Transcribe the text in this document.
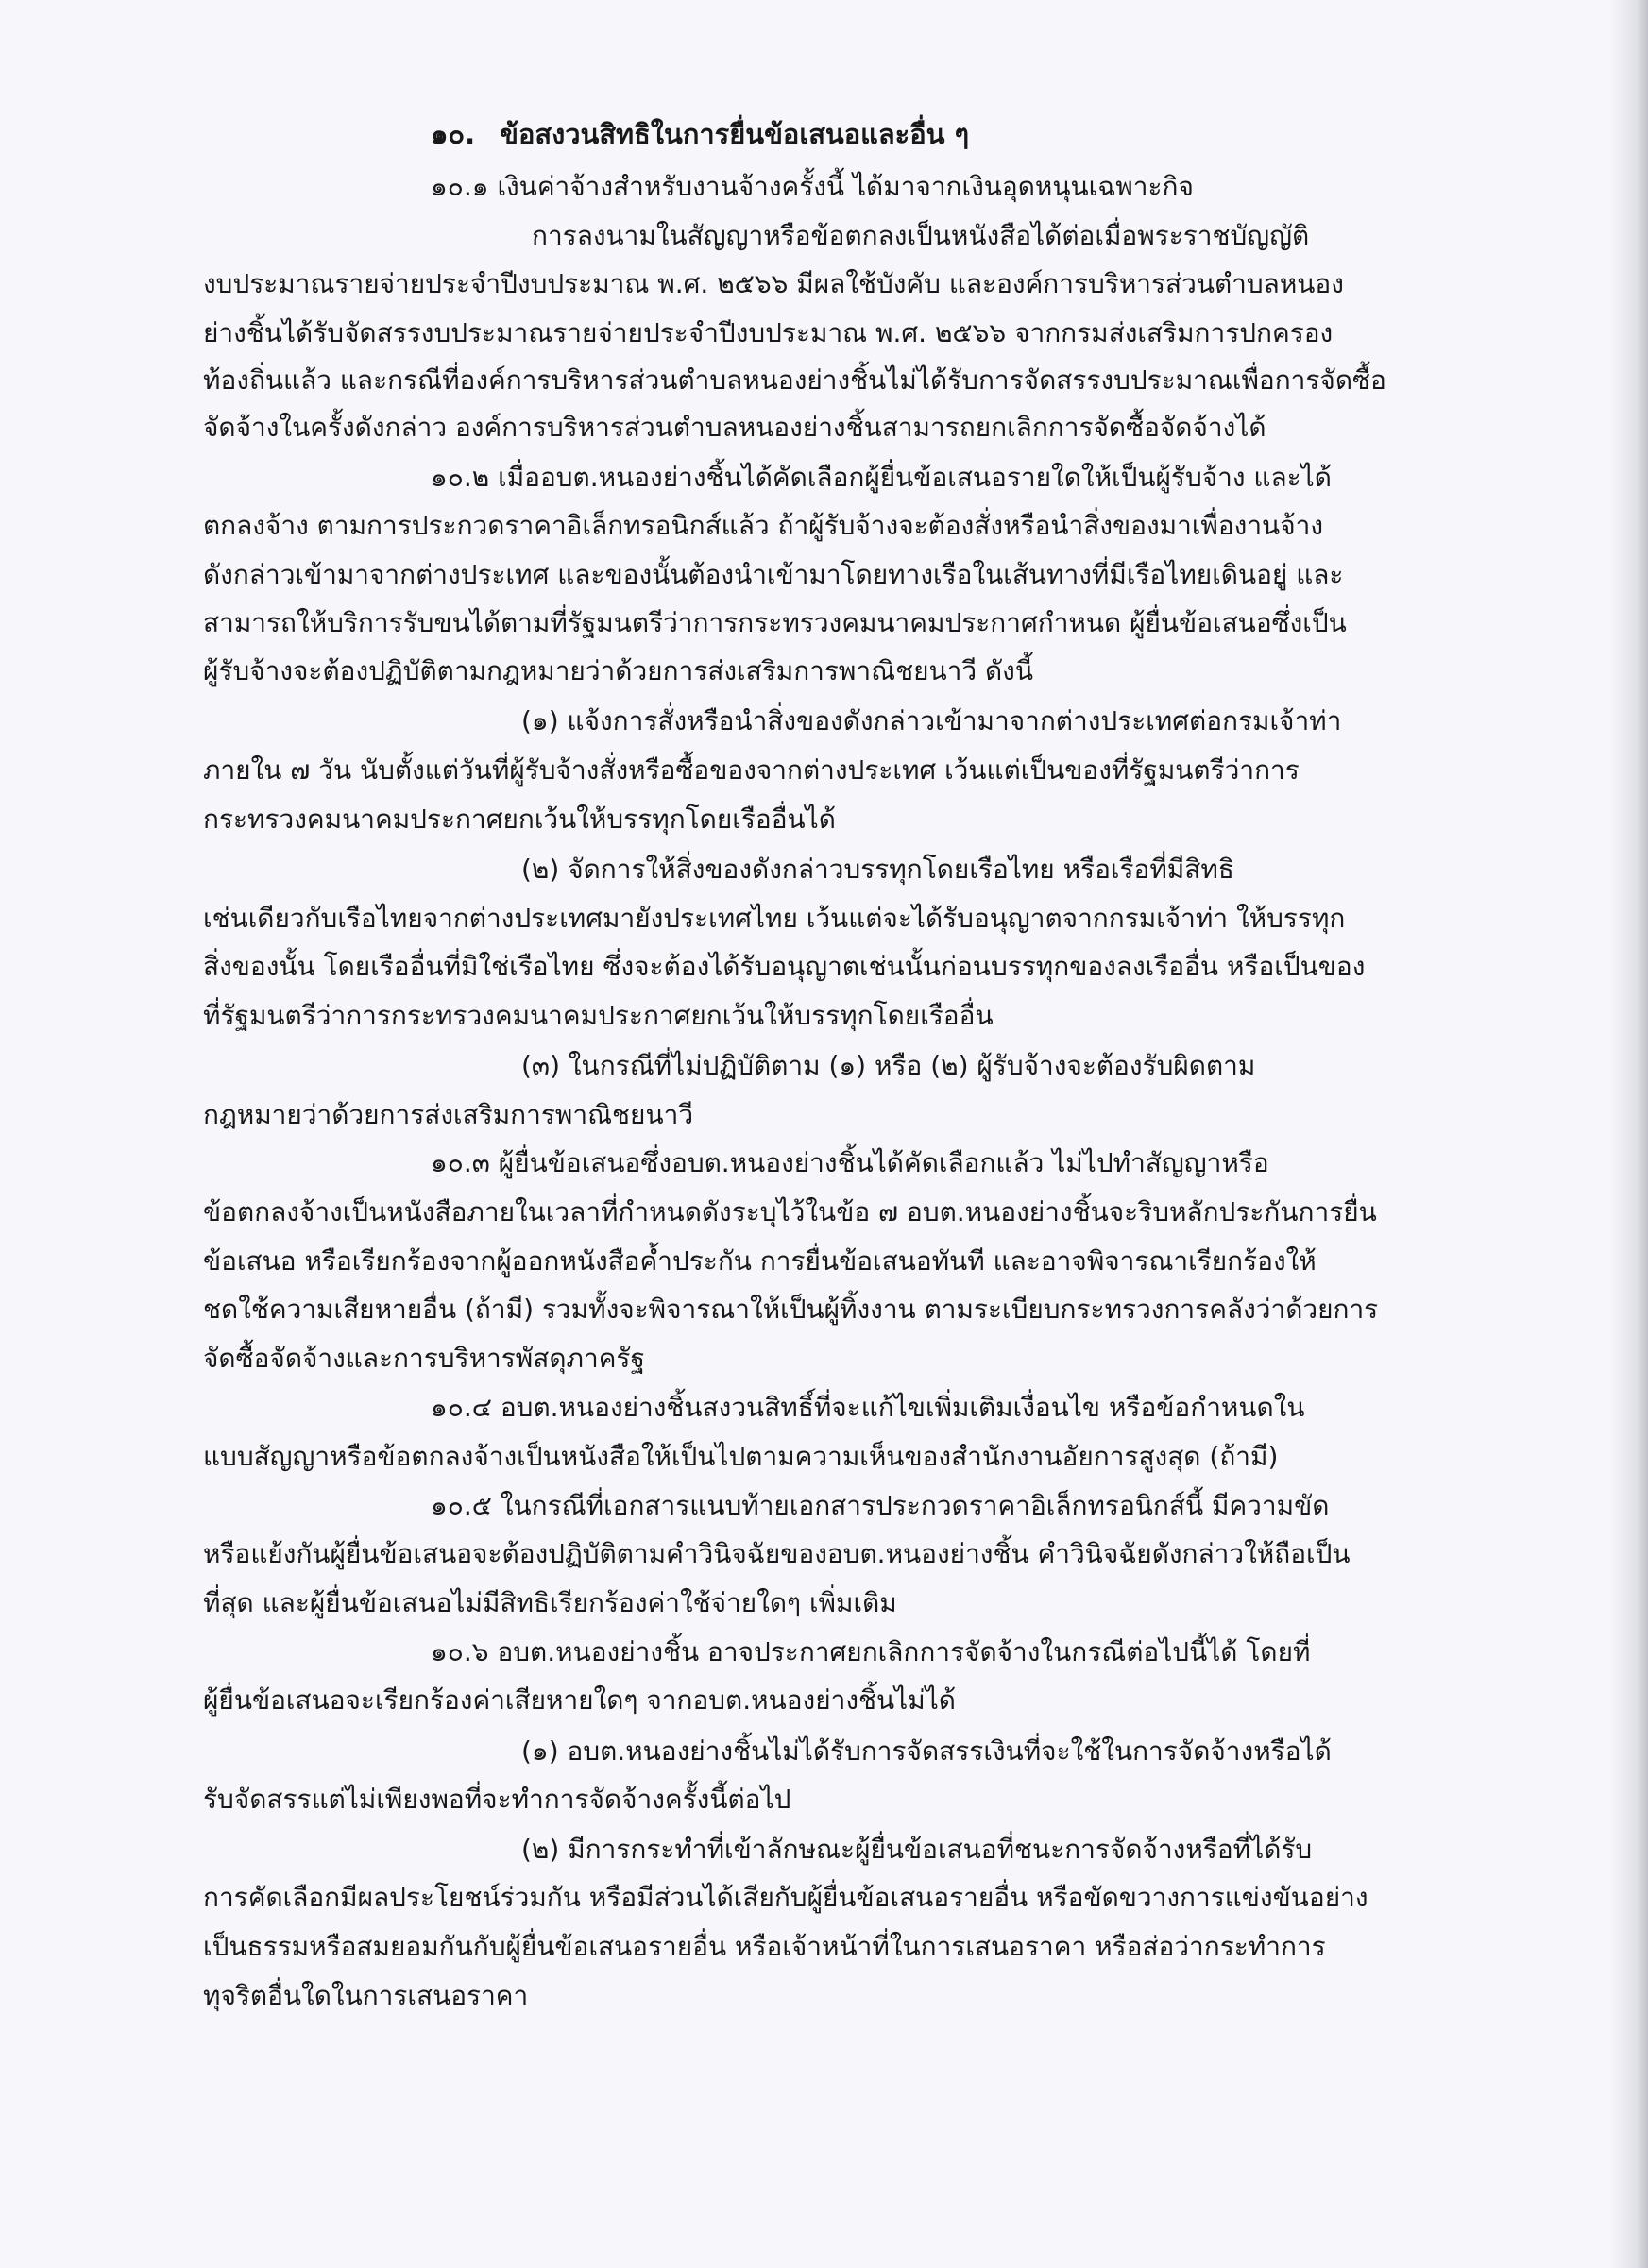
๑๐. ข้อสงวนสิทธิในการยื่นข้อเสนอและอื่น ๆ
๑๐.๑ เงินค่าจ้างสำหรับงานจ้างครั้งนี้ ได้มาจากเงินอุดหนุนเฉพาะกิจ
การลงนามในสัญญาหรือข้อตกลงเป็นหนังสือได้ต่อเมื่อพระราชบัญญัติ
งบประมาณรายจ่ายประจำปีงบประมาณ พ.ศ. ๒๕๖๖ มีผลใช้บังคับ และองค์การบริหารส่วนตำบลหนอง
ย่างชิ้นได้รับจัดสรรงบประมาณรายจ่ายประจำปีงบประมาณ พ.ศ. ๒๕๖๖ จากกรมส่งเสริมการปกครอง
ท้องถิ่นแล้ว และกรณีที่องค์การบริหารส่วนตำบลหนองย่างชิ้นไม่ได้รับการจัดสรรงบประมาณเพื่อการจัดซื้อ
จัดจ้างในครั้งดังกล่าว องค์การบริหารส่วนตำบลหนองย่างชิ้นสามารถยกเลิกการจัดซื้อจัดจ้างได้
๑๐.๒ เมื่ออบต.หนองย่างชิ้นได้คัดเลือกผู้ยื่นข้อเสนอรายใดให้เป็นผู้รับจ้าง และได้
ตกลงจ้าง ตามการประกวดราคาอิเล็กทรอนิกส์แล้ว ถ้าผู้รับจ้างจะต้องสั่งหรือนำสิ่งของมาเพื่องานจ้าง
ดังกล่าวเข้ามาจากต่างประเทศ และของนั้นต้องนำเข้ามาโดยทางเรือในเส้นทางที่มีเรือไทยเดินอยู่ และ
สามารถให้บริการรับขนได้ตามที่รัฐมนตรีว่าการกระทรวงคมนาคมประกาศกำหนด ผู้ยื่นข้อเสนอซึ่งเป็น
ผู้รับจ้างจะต้องปฏิบัติตามกฎหมายว่าด้วยการส่งเสริมการพาณิชยนาวี ดังนี้
(๑) แจ้งการสั่งหรือนำสิ่งของดังกล่าวเข้ามาจากต่างประเทศต่อกรมเจ้าท่า
ภายใน ๗ วัน นับตั้งแต่วันที่ผู้รับจ้างสั่งหรือซื้อของจากต่างประเทศ เว้นแต่เป็นของที่รัฐมนตรีว่าการ
กระทรวงคมนาคมประกาศยกเว้นให้บรรทุกโดยเรืออื่นได้
(๒) จัดการให้สิ่งของดังกล่าวบรรทุกโดยเรือไทย หรือเรือที่มีสิทธิ
เช่นเดียวกับเรือไทยจากต่างประเทศมายังประเทศไทย เว้นแต่จะได้รับอนุญาตจากกรมเจ้าท่า ให้บรรทุก
สิ่งของนั้น โดยเรืออื่นที่มิใช่เรือไทย ซึ่งจะต้องได้รับอนุญาตเช่นนั้นก่อนบรรทุกของลงเรืออื่น หรือเป็นของ
ที่รัฐมนตรีว่าการกระทรวงคมนาคมประกาศยกเว้นให้บรรทุกโดยเรืออื่น
(๓) ในกรณีที่ไม่ปฏิบัติตาม (๑) หรือ (๒) ผู้รับจ้างจะต้องรับผิดตาม
กฎหมายว่าด้วยการส่งเสริมการพาณิชยนาวี
๑๐.๓ ผู้ยื่นข้อเสนอซึ่งอบต.หนองย่างชิ้นได้คัดเลือกแล้ว ไม่ไปทำสัญญาหรือ
ข้อตกลงจ้างเป็นหนังสือภายในเวลาที่กำหนดดังระบุไว้ในข้อ ๗ อบต.หนองย่างชิ้นจะริบหลักประกันการยื่น
ข้อเสนอ หรือเรียกร้องจากผู้ออกหนังสือค้ำประกัน การยื่นข้อเสนอทันที และอาจพิจารณาเรียกร้องให้
ชดใช้ความเสียหายอื่น (ถ้ามี) รวมทั้งจะพิจารณาให้เป็นผู้ทิ้งงาน ตามระเบียบกระทรวงการคลังว่าด้วยการ
จัดซื้อจัดจ้างและการบริหารพัสดุภาครัฐ
๑๐.๔ อบต.หนองย่างชิ้นสงวนสิทธิ์ที่จะแก้ไขเพิ่มเติมเงื่อนไข หรือข้อกำหนดใน
แบบสัญญาหรือข้อตกลงจ้างเป็นหนังสือให้เป็นไปตามความเห็นของสำนักงานอัยการสูงสุด (ถ้ามี)
๑๐.๕ ในกรณีที่เอกสารแนบท้ายเอกสารประกวดราคาอิเล็กทรอนิกส์นี้ มีความขัด
หรือแย้งกันผู้ยื่นข้อเสนอจะต้องปฏิบัติตามคำวินิจฉัยของอบต.หนองย่างชิ้น คำวินิจฉัยดังกล่าวให้ถือเป็น
ที่สุด และผู้ยื่นข้อเสนอไม่มีสิทธิเรียกร้องค่าใช้จ่ายใดๆ เพิ่มเติม
๑๐.๖ อบต.หนองย่างชิ้น อาจประกาศยกเลิกการจัดจ้างในกรณีต่อไปนี้ได้ โดยที่
ผู้ยื่นข้อเสนอจะเรียกร้องค่าเสียหายใดๆ จากอบต.หนองย่างชิ้นไม่ได้
(๑) อบต.หนองย่างชิ้นไม่ได้รับการจัดสรรเงินที่จะใช้ในการจัดจ้างหรือได้
รับจัดสรรแต่ไม่เพียงพอที่จะทำการจัดจ้างครั้งนี้ต่อไป
(๒) มีการกระทำที่เข้าลักษณะผู้ยื่นข้อเสนอที่ชนะการจัดจ้างหรือที่ได้รับ
การคัดเลือกมีผลประโยชน์ร่วมกัน หรือมีส่วนได้เสียกับผู้ยื่นข้อเสนอรายอื่น หรือขัดขวางการแข่งขันอย่าง
เป็นธรรมหรือสมยอมกันกับผู้ยื่นข้อเสนอรายอื่น หรือเจ้าหน้าที่ในการเสนอราคา หรือส่อว่ากระทำการ
ทุจริตอื่นใดในการเสนอราคา
